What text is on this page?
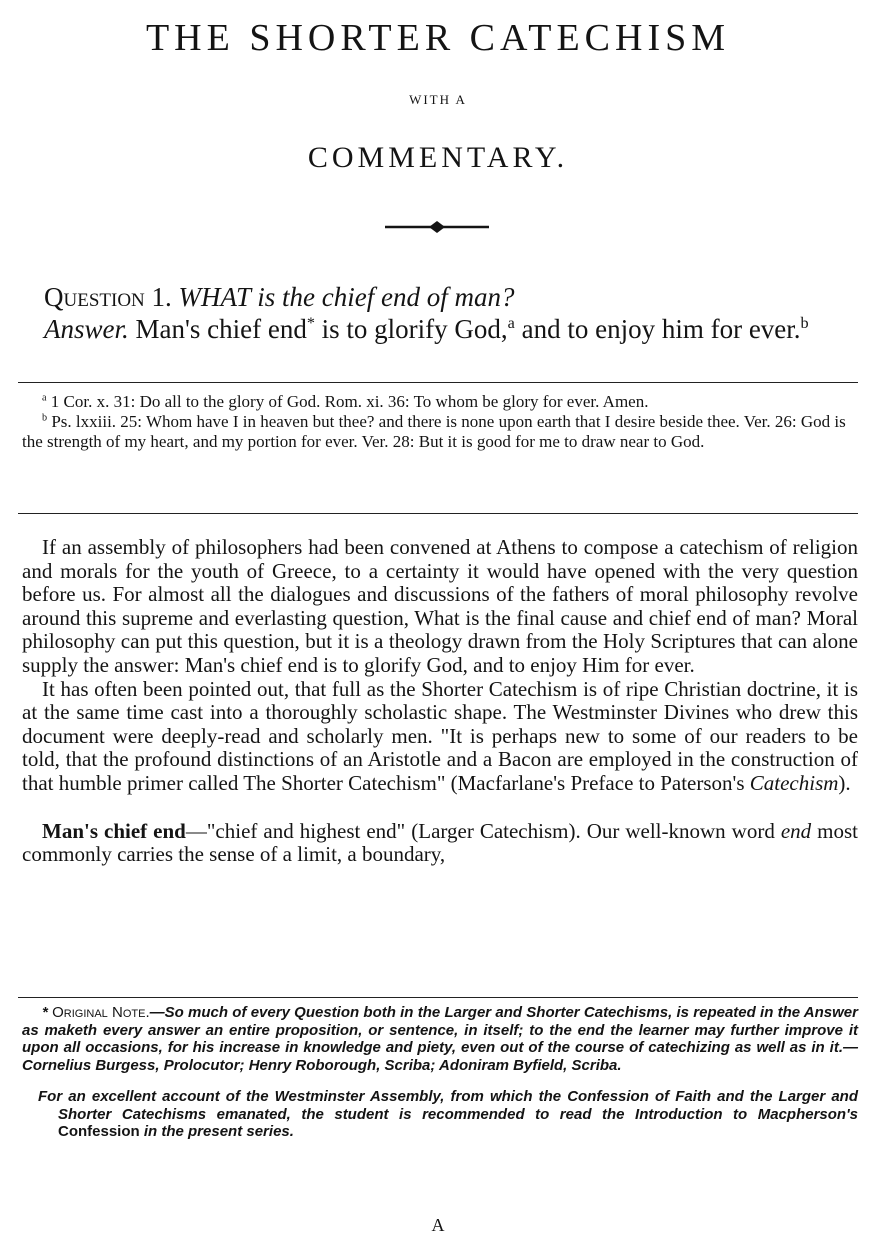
THE SHORTER CATECHISM
WITH A
COMMENTARY.
Question 1. WHAT is the chief end of man?
Answer. Man's chief end* is to glorify God,$^a$ and to enjoy him for ever.$^b$

$^a$ 1 Cor. x. 31: Do all to the glory of God. Rom. xi. 36: To whom be glory for ever. Amen.

$^b$ Ps. lxxiii. 25: Whom have I in heaven but thee? and there is none upon earth that I desire beside thee. Ver. 26: God is the strength of my heart, and my portion for ever. Ver. 28: But it is good for me to draw near to God.

If an assembly of philosophers had been convened at Athens to compose a catechism of religion and morals for the youth of Greece, to a certainty it would have opened with the very question before us. For almost all the dialogues and discussions of the fathers of moral philosophy revolve around this supreme and everlasting question, What is the final cause and chief end of man? Moral philosophy can put this question, but it is a theology drawn from the Holy Scriptures that can alone supply the answer: Man's chief end is to glorify God, and to enjoy Him for ever.

It has often been pointed out, that full as the Shorter Catechism is of ripe Christian doctrine, it is at the same time cast into a thoroughly scholastic shape. The Westminster Divines who drew this document were deeply-read and scholarly men. "It is perhaps new to some of our readers to be told, that the profound distinctions of an Aristotle and a Bacon are employed in the construction of that humble primer called The Shorter Catechism" (Macfarlane's Preface to Paterson's Catechism).

Man's chief end—"chief and highest end" (Larger Catechism). Our well-known word end most commonly carries the sense of a limit, a boundary,

* Original Note.—So much of every Question both in the Larger and Shorter Catechisms, is repeated in the Answer as maketh every answer an entire proposition, or sentence, in itself; to the end the learner may further improve it upon all occasions, for his increase in knowledge and piety, even out of the course of catechizing as well as in it.—Cornelius Burgess, Prolocutor; Henry Roborough, Scriba; Adoniram Byfield, Scriba.

For an excellent account of the Westminster Assembly, from which the Confession of Faith and the Larger and Shorter Catechisms emanated, the student is recommended to read the Introduction to Macpherson's Confession in the present series.

A
